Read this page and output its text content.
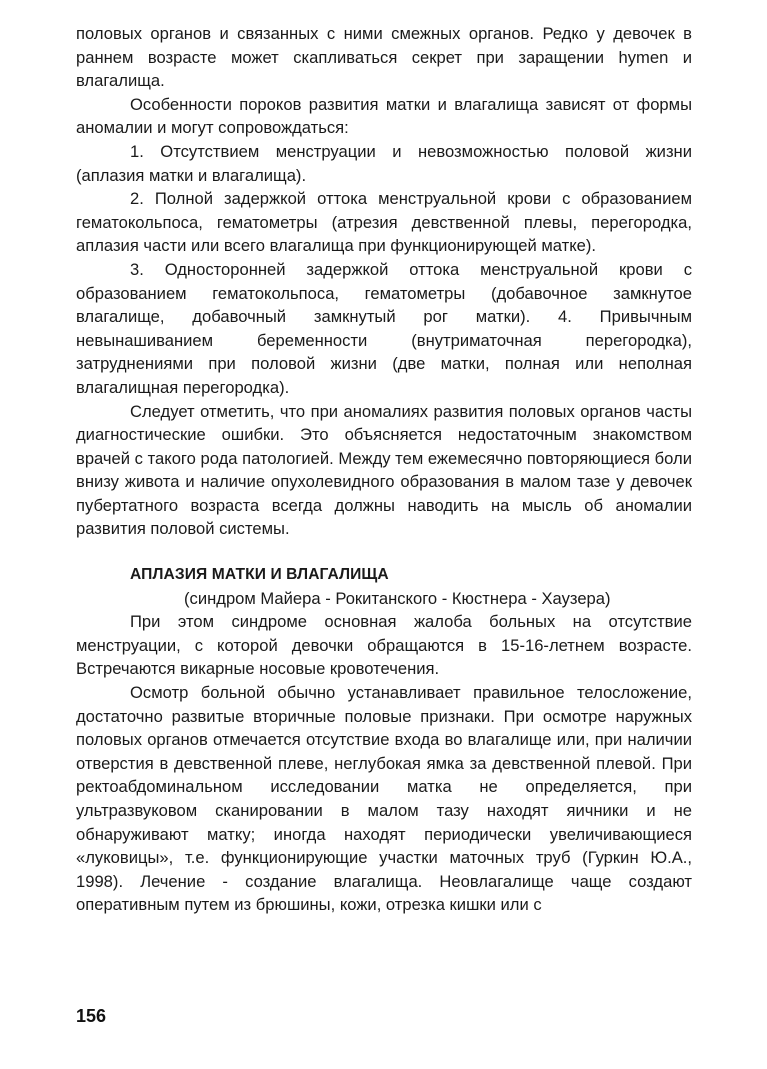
половых органов и связанных с ними смежных органов. Редко у девочек в раннем возрасте может скапливаться секрет при заращении hymen и влагалища.

Особенности пороков развития матки и влагалища зависят от формы аномалии и могут сопровождаться:

1. Отсутствием менструации и невозможностью половой жизни (аплазия матки и влагалища).

2. Полной задержкой оттока менструальной крови с образованием гематокольпоса, гематометры (атрезия девственной плевы, перегородка, аплазия части или всего влагалища при функционирующей матке).

3. Односторонней задержкой оттока менструальной крови с образованием гематокольпоса, гематометры (добавочное замкнутое влагалище, добавочный замкнутый рог матки). 4. Привычным невынашиванием беременности (внутриматочная перегородка), затруднениями при половой жизни (две матки, полная или неполная влагалищная перегородка).

Следует отметить, что при аномалиях развития половых органов часты диагностические ошибки. Это объясняется недостаточным знакомством врачей с такого рода патологией. Между тем ежемесячно повторяющиеся боли внизу живота и наличие опухолевидного образования в малом тазе у девочек пубертатного возраста всегда должны наводить на мысль об аномалии развития половой системы.

АПЛАЗИЯ МАТКИ И ВЛАГАЛИЩА

(синдром Майера - Рокитанского - Кюстнера - Хаузера)

При этом синдроме основная жалоба больных на отсутствие менструации, с которой девочки обращаются в 15-16-летнем возрасте. Встречаются викарные носовые кровотечения.

Осмотр больной обычно устанавливает правильное телосложение, достаточно развитые вторичные половые признаки. При осмотре наружных половых органов отмечается отсутствие входа во влагалище или, при наличии отверстия в девственной плеве, неглубокая ямка за девственной плевой. При ректоабдоминальном исследовании матка не определяется, при ультразвуковом сканировании в малом тазу находят яичники и не обнаруживают матку; иногда находят периодически увеличивающиеся «луковицы», т.е. функционирующие участки маточных труб (Гуркин Ю.А., 1998). Лечение - создание влагалища. Неовлагалище чаще создают оперативным путем из брюшины, кожи, отрезка кишки или с

156
